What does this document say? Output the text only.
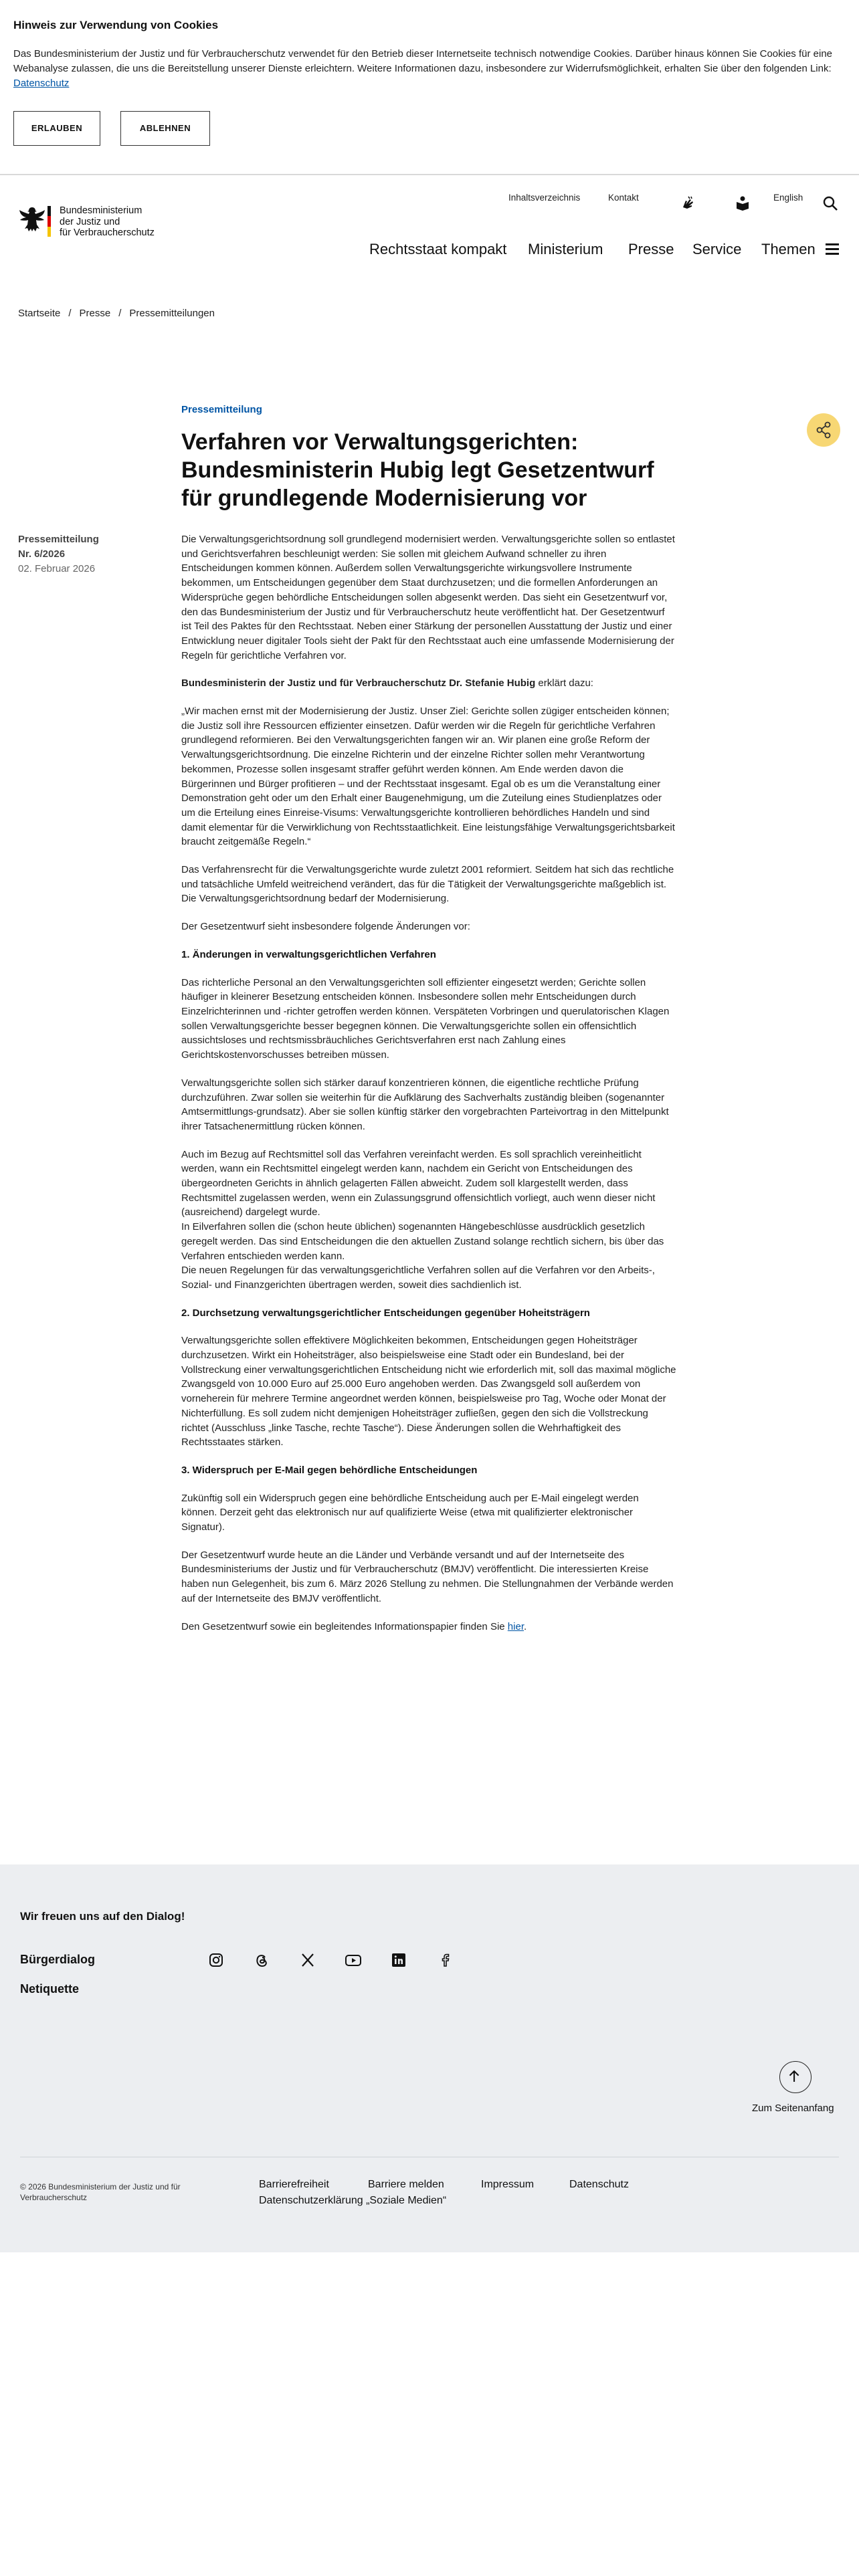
Hinweis zur Verwendung von Cookies
Das Bundesministerium der Justiz und für Verbraucherschutz verwendet für den Betrieb dieser Internetseite technisch notwendige Cookies. Darüber hinaus können Sie Cookies für eine Webanalyse zulassen, die uns die Bereitstellung unserer Dienste erleichtern. Weitere Informationen dazu, insbesondere zur Widerrufsmöglichkeit, erhalten Sie über den folgenden Link: Datenschutz
ERLAUBEN	ABLEHNEN
Bundesministerium
der Justiz und
für Verbraucherschutz
Inhaltsverzeichnis	Kontakt	English
Rechtsstaat kompakt Ministerium Presse Service Themen
Startseite / Presse / Pressemitteilungen
Pressemitteilung
Verfahren vor Verwaltungsgerichten: Bundesministerin Hubig legt Gesetzentwurf für grundlegende Modernisierung vor
Pressemitteilung
Nr. 6/2026
02. Februar 2026

Die Verwaltungsgerichtsordnung soll grundlegend modernisiert werden. Verwaltungsgerichte sollen so entlastet und Gerichtsverfahren beschleunigt werden: Sie sollen mit gleichem Aufwand schneller zu ihren Entscheidungen kommen können. Außerdem sollen Verwaltungsgerichte wirkungsvollere Instrumente bekommen, um Entscheidungen gegenüber dem Staat durchzusetzen; und die formellen Anforderungen an Widersprüche gegen behördliche Entscheidungen sollen abgesenkt werden. Das sieht ein Gesetzentwurf vor, den das Bundesministerium der Justiz und für Verbraucherschutz heute veröffentlicht hat. Der Gesetzentwurf ist Teil des Paktes für den Rechtsstaat. Neben einer Stärkung der personellen Ausstattung der Justiz und einer Entwicklung neuer digitaler Tools sieht der Pakt für den Rechtsstaat auch eine umfassende Modernisierung der Regeln für gerichtliche Verfahren vor.

Bundesministerin der Justiz und für Verbraucherschutz Dr. Stefanie Hubig erklärt dazu:

„Wir machen ernst mit der Modernisierung der Justiz. Unser Ziel: Gerichte sollen zügiger entscheiden können; die Justiz soll ihre Ressourcen effizienter einsetzen. Dafür werden wir die Regeln für gerichtliche Verfahren grundlegend reformieren. Bei den Verwaltungsgerichten fangen wir an. Wir planen eine große Reform der Verwaltungsgerichtsordnung. Die einzelne Richterin und der einzelne Richter sollen mehr Verantwortung bekommen, Prozesse sollen insgesamt straffer geführt werden können. Am Ende werden davon die Bürgerinnen und Bürger profitieren – und der Rechtsstaat insgesamt. Egal ob es um die Veranstaltung einer Demonstration geht oder um den Erhalt einer Baugenehmigung, um die Zuteilung eines Studienplatzes oder um die Erteilung eines Einreise-Visums: Verwaltungsgerichte kontrollieren behördliches Handeln und sind damit elementar für die Verwirklichung von Rechtsstaatlichkeit. Eine leistungsfähige Verwaltungsgerichtsbarkeit braucht zeitgemäße Regeln.“

Das Verfahrensrecht für die Verwaltungsgerichte wurde zuletzt 2001 reformiert. Seitdem hat sich das rechtliche und tatsächliche Umfeld weitreichend verändert, das für die Tätigkeit der Verwaltungsgerichte maßgeblich ist. Die Verwaltungsgerichtsordnung bedarf der Modernisierung.

Der Gesetzentwurf sieht insbesondere folgende Änderungen vor:

1. Änderungen in verwaltungsgerichtlichen Verfahren

Das richterliche Personal an den Verwaltungsgerichten soll effizienter eingesetzt werden; Gerichte sollen häufiger in kleinerer Besetzung entscheiden können. Insbesondere sollen mehr Entscheidungen durch Einzelrichterinnen und -richter getroffen werden können. Verspäteten Vorbringen und querulatorischen Klagen sollen Verwaltungsgerichte besser begegnen können. Die Verwaltungsgerichte sollen ein offensichtlich aussichtsloses und rechtsmissbräuchliches Gerichtsverfahren erst nach Zahlung eines Gerichtskostenvorschusses betreiben müssen.

Verwaltungsgerichte sollen sich stärker darauf konzentrieren können, die eigentliche rechtliche Prüfung durchzuführen. Zwar sollen sie weiterhin für die Aufklärung des Sachverhalts zuständig bleiben (sogenannter Amtsermittlungs-grundsatz). Aber sie sollen künftig stärker den vorgebrachten Parteivortrag in den Mittelpunkt ihrer Tatsachenermittlung rücken können.

Auch im Bezug auf Rechtsmittel soll das Verfahren vereinfacht werden. Es soll sprachlich vereinheitlicht werden, wann ein Rechtsmittel eingelegt werden kann, nachdem ein Gericht von Entscheidungen des übergeordneten Gerichts in ähnlich gelagerten Fällen abweicht. Zudem soll klargestellt werden, dass Rechtsmittel zugelassen werden, wenn ein Zulassungsgrund offensichtlich vorliegt, auch wenn dieser nicht (ausreichend) dargelegt wurde.
In Eilverfahren sollen die (schon heute üblichen) sogenannten Hängebeschlüsse ausdrücklich gesetzlich geregelt werden. Das sind Entscheidungen die den aktuellen Zustand solange rechtlich sichern, bis über das Verfahren entschieden werden kann.
Die neuen Regelungen für das verwaltungsgerichtliche Verfahren sollen auf die Verfahren vor den Arbeits-, Sozial- und Finanzgerichten übertragen werden, soweit dies sachdienlich ist.

2. Durchsetzung verwaltungsgerichtlicher Entscheidungen gegenüber Hoheitsträgern

Verwaltungsgerichte sollen effektivere Möglichkeiten bekommen, Entscheidungen gegen Hoheitsträger durchzusetzen. Wirkt ein Hoheitsträger, also beispielsweise eine Stadt oder ein Bundesland, bei der Vollstreckung einer verwaltungsgerichtlichen Entscheidung nicht wie erforderlich mit, soll das maximal mögliche Zwangsgeld von 10.000 Euro auf 25.000 Euro angehoben werden. Das Zwangsgeld soll außerdem von vorneherein für mehrere Termine angeordnet werden können, beispielsweise pro Tag, Woche oder Monat der Nichterfüllung. Es soll zudem nicht demjenigen Hoheitsträger zufließen, gegen den sich die Vollstreckung richtet (Ausschluss „linke Tasche, rechte Tasche“). Diese Änderungen sollen die Wehrhaftigkeit des Rechtsstaates stärken.

3. Widerspruch per E-Mail gegen behördliche Entscheidungen

Zukünftig soll ein Widerspruch gegen eine behördliche Entscheidung auch per E-Mail eingelegt werden können. Derzeit geht das elektronisch nur auf qualifizierte Weise (etwa mit qualifizierter elektronischer Signatur).

Der Gesetzentwurf wurde heute an die Länder und Verbände versandt und auf der Internetseite des Bundesministeriums der Justiz und für Verbraucherschutz (BMJV) veröffentlicht. Die interessierten Kreise haben nun Gelegenheit, bis zum 6. März 2026 Stellung zu nehmen. Die Stellungnahmen der Verbände werden auf der Internetseite des BMJV veröffentlicht.

Den Gesetzentwurf sowie ein begleitendes Informationspapier finden Sie hier.

Wir freuen uns auf den Dialog!
Bürgerdialog
Netiquette
Zum Seitenanfang
© 2026 Bundesministerium der Justiz und für Verbraucherschutz
Barrierefreiheit	Barriere melden	Impressum	Datenschutz
Datenschutzerklärung „Soziale Medien“
